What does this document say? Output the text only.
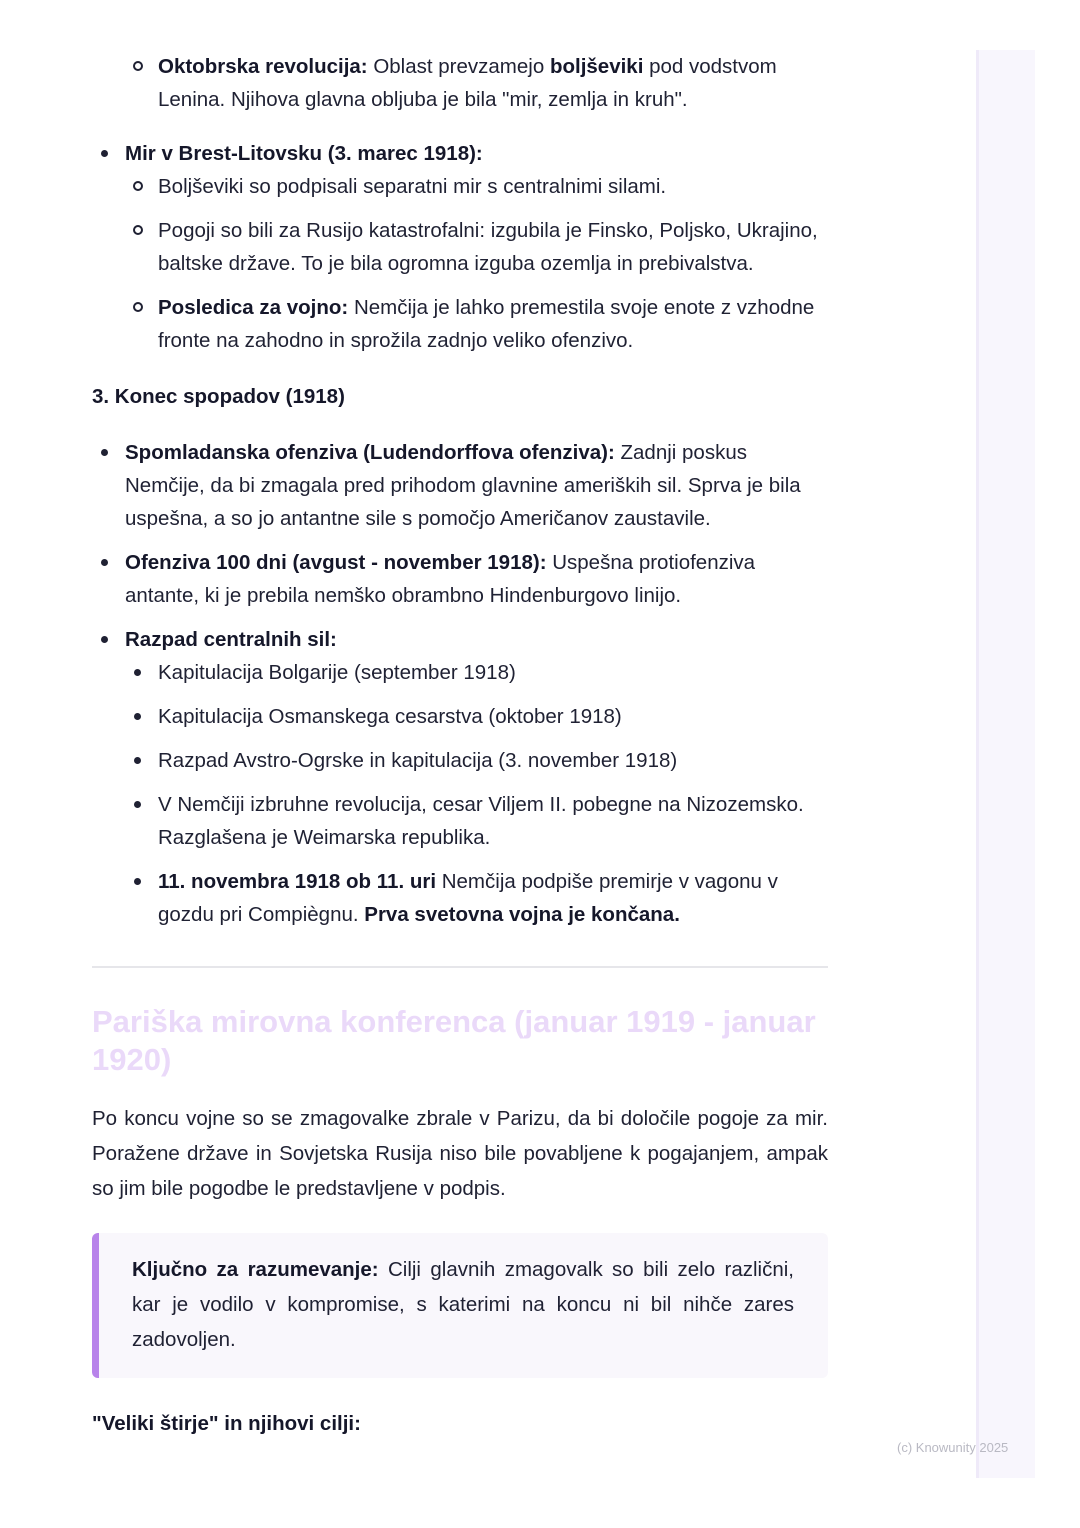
Oktobrska revolucija: Oblast prevzamejo boljševiki pod vodstvom Lenina. Njihova glavna obljuba je bila "mir, zemlja in kruh".
Mir v Brest-Litovsku (3. marec 1918):
Boljševiki so podpisali separatni mir s centralnimi silami.
Pogoji so bili za Rusijo katastrofalni: izgubila je Finsko, Poljsko, Ukrajino, baltske države. To je bila ogromna izguba ozemlja in prebivalstva.
Posledica za vojno: Nemčija je lahko premestila svoje enote z vzhodne fronte na zahodno in sprožila zadnjo veliko ofenzivo.

3. Konec spopadov (1918)

Spomladanska ofenziva (Ludendorffova ofenziva): Zadnji poskus Nemčije, da bi zmagala pred prihodom glavnine ameriških sil. Sprva je bila uspešna, a so jo antantne sile s pomočjo Američanov zaustavile.
Ofenziva 100 dni (avgust - november 1918): Uspešna protiofenziva antante, ki je prebila nemško obrambno Hindenburgovo linijo.
Razpad centralnih sil:
Kapitulacija Bolgarije (september 1918)
Kapitulacija Osmanskega cesarstva (oktober 1918)
Razpad Avstro-Ogrske in kapitulacija (3. november 1918)
V Nemčiji izbruhne revolucija, cesar Viljem II. pobegne na Nizozemsko. Razglašena je Weimarska republika.
11. novembra 1918 ob 11. uri Nemčija podpiše premirje v vagonu v gozdu pri Compiègnu. Prva svetovna vojna je končana.

Pariška mirovna konferenca (januar 1919 - januar 1920)

Po koncu vojne so se zmagovalke zbrale v Parizu, da bi določile pogoje za mir. Poražene države in Sovjetska Rusija niso bile povabljene k pogajanjem, ampak so jim bile pogodbe le predstavljene v podpis.

Ključno za razumevanje: Cilji glavnih zmagovalk so bili zelo različni, kar je vodilo v kompromise, s katerimi na koncu ni bil nihče zares zadovoljen.

"Veliki štirje" in njihovi cilji:

(c) Knowunity 2025
